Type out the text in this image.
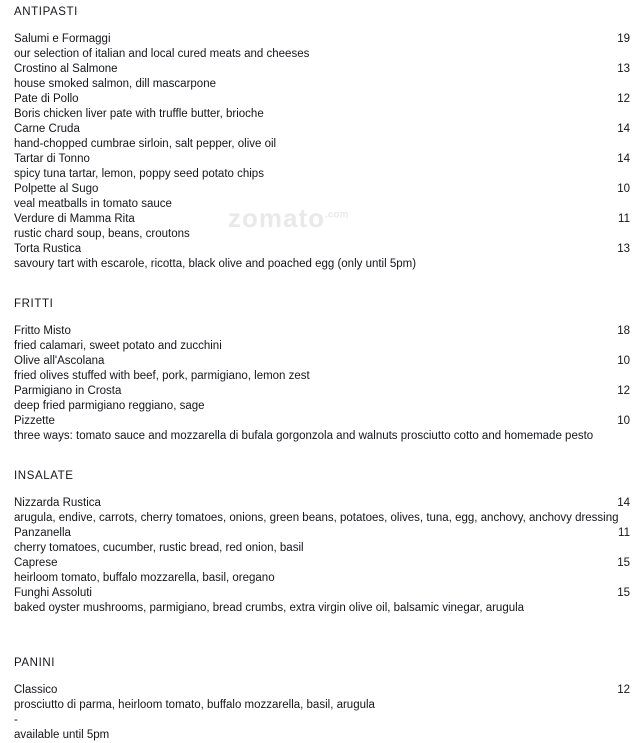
zomato$^{.com}$
ANTIPASTI
Salumi e Formaggi	19
our selection of italian and local cured meats and cheeses
Crostino al Salmone	13
house smoked salmon, dill mascarpone
Pate di Pollo	12
Boris chicken liver pate with truffle butter, brioche
Carne Cruda	14
hand-chopped cumbrae sirloin, salt pepper, olive oil
Tartar di Tonno	14
spicy tuna tartar, lemon, poppy seed potato chips
Polpette al Sugo	10
veal meatballs in tomato sauce
Verdure di Mamma Rita	11
rustic chard soup, beans, croutons
Torta Rustica	13
savoury tart with escarole, ricotta, black olive and poached egg (only until 5pm)
FRITTI
Fritto Misto	18
fried calamari, sweet potato and zucchini
Olive all'Ascolana	10
fried olives stuffed with beef, pork, parmigiano, lemon zest
Parmigiano in Crosta	12
deep fried parmigiano reggiano, sage
Pizzette	10
three ways: tomato sauce and mozzarella di bufala gorgonzola and walnuts prosciutto cotto and homemade pesto
INSALATE
Nizzarda Rustica	14
arugula, endive, carrots, cherry tomatoes, onions, green beans, potatoes, olives, tuna, egg, anchovy, anchovy dressing
Panzanella	11
cherry tomatoes, cucumber, rustic bread, red onion, basil
Caprese	15
heirloom tomato, buffalo mozzarella, basil, oregano
Funghi Assoluti	15
baked oyster mushrooms, parmigiano, bread crumbs, extra virgin olive oil, balsamic vinegar, arugula
PANINI
Classico	12
prosciutto di parma, heirloom tomato, buffalo mozzarella, basil, arugula
-
available until 5pm
